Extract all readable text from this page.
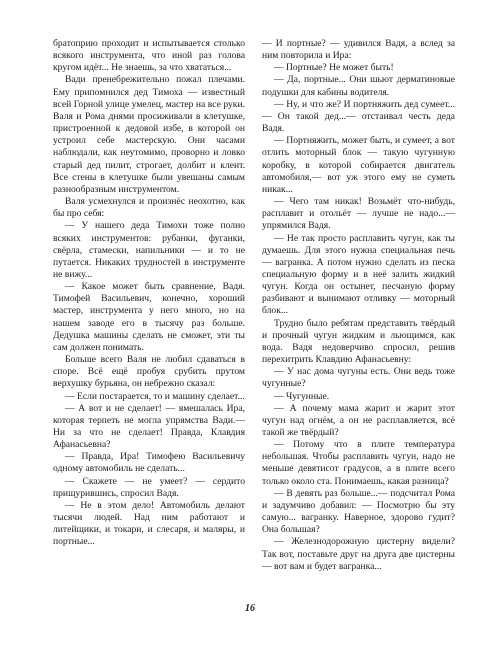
братоприю проходит и испытывается столько всякого инструмента, что иной раз голова кругом идёт... Не знаешь, за что хвататься...

Вади пренебрежительно пожал плечами. Ему припомнился дед Тимоха — известный всей Горной улице умелец, мастер на все руки. Валя и Рома днями просиживали в клетушке, пристроенной к дедовой избе, в которой он устроил себе мастерскую. Они часами наблюдали, как неутомимо, проворно и ловко старый дед пилит, строгает, долбит и клеит. Все стены в клетушке были увешаны самым разнообразным инструментом.

Валя усмехнулся и произнёс неохотно, как бы про себя:

— У нашего деда Тимохи тоже полно всяких инструментов: рубанки, фуганки, свёрла, стамески, напильники — и то не путается. Никаких трудностей в инструменте не вижу...

— Какое может быть сравнение, Вадя. Тимофей Васильевич, конечно, хороший мастер, инструмента у него много, но на нашем заводе его в тысячу раз больше. Дедушка машины сделать не сможет, эти ты сам должен понимать.

Больше всего Валя не любил сдаваться в споре. Всё ещё пробуя срубить прутом верхушку бурьяна, он небрежно сказал:

— Если постарается, то и машину сделает...

— А вот и не сделает! — вмешалась Ира, которая терпеть не могла упрямства Вади.— Ни за что не сделает! Правда, Клавдия Афанасьевна?

— Правда, Ира! Тимофею Васильевичу одному автомобиль не сделать...

— Скажете — не умеет? — сердито прищурившись, спросил Вадя.

— Не в этом дело! Автомобиль делают тысячи людей. Над ним работают и литейщики, и токари, и слесаря, и маляры, и портные...

— И портные? — удивился Вадя, а вслед за ним повторила и Ира:

— Портные? Не может быть!

— Да, портные... Они шьют дерматиновые подушки для кабины водителя.

— Ну, и что же? И портняжить дед сумеет... — Он такой дед...— отстаивал честь деда Вадя.

— Портняжить, может быть, и сумеет, а вот отлить моторный блок — такую чугунную коробку, в которой собирается двигатель автомобиля,— вот уж этого ему не суметь никак...

— Чего там никак! Возьмёт что-нибудь, расплавит и отольёт — лучше не надо...— упрямился Вадя.

— Не так просто расплавить чугун, как ты думаешь. Для этого нужна специальная печь — вагранка. А потом нужно сделать из песка специальную форму и в неё залить жидкий чугун. Когда он остынет, песчаную форму разбивают и вынимают отливку — моторный блок...

Трудно было ребятам представить твёрдый и прочный чугун жидким и льющимся, как вода. Вадя недоверчиво спросил, решив перехитрить Клавдию Афанасьевну:

— У нас дома чугуны есть. Они ведь тоже чугунные?

— Чугунные.

— А почему мама жарит и жарит этот чугун над огнём, а он не расплавляется, всё такой же твёрдый?

— Потому что в плите температура небольшая. Чтобы расплавить чугун, надо не меньше девятисот градусов, а в плите всего только около ста. Понимаешь, какая разница?

— В девять раз больше...— подсчитал Рома и задумчиво добавил: — Посмотрю бы эту самую... вагранку. Наверное, здорово гудит? Она большая?

— Железнодорожную цистерну видели? Так вот, поставьте друг на друга две цистерны — вот вам и будет вагранка...

16
